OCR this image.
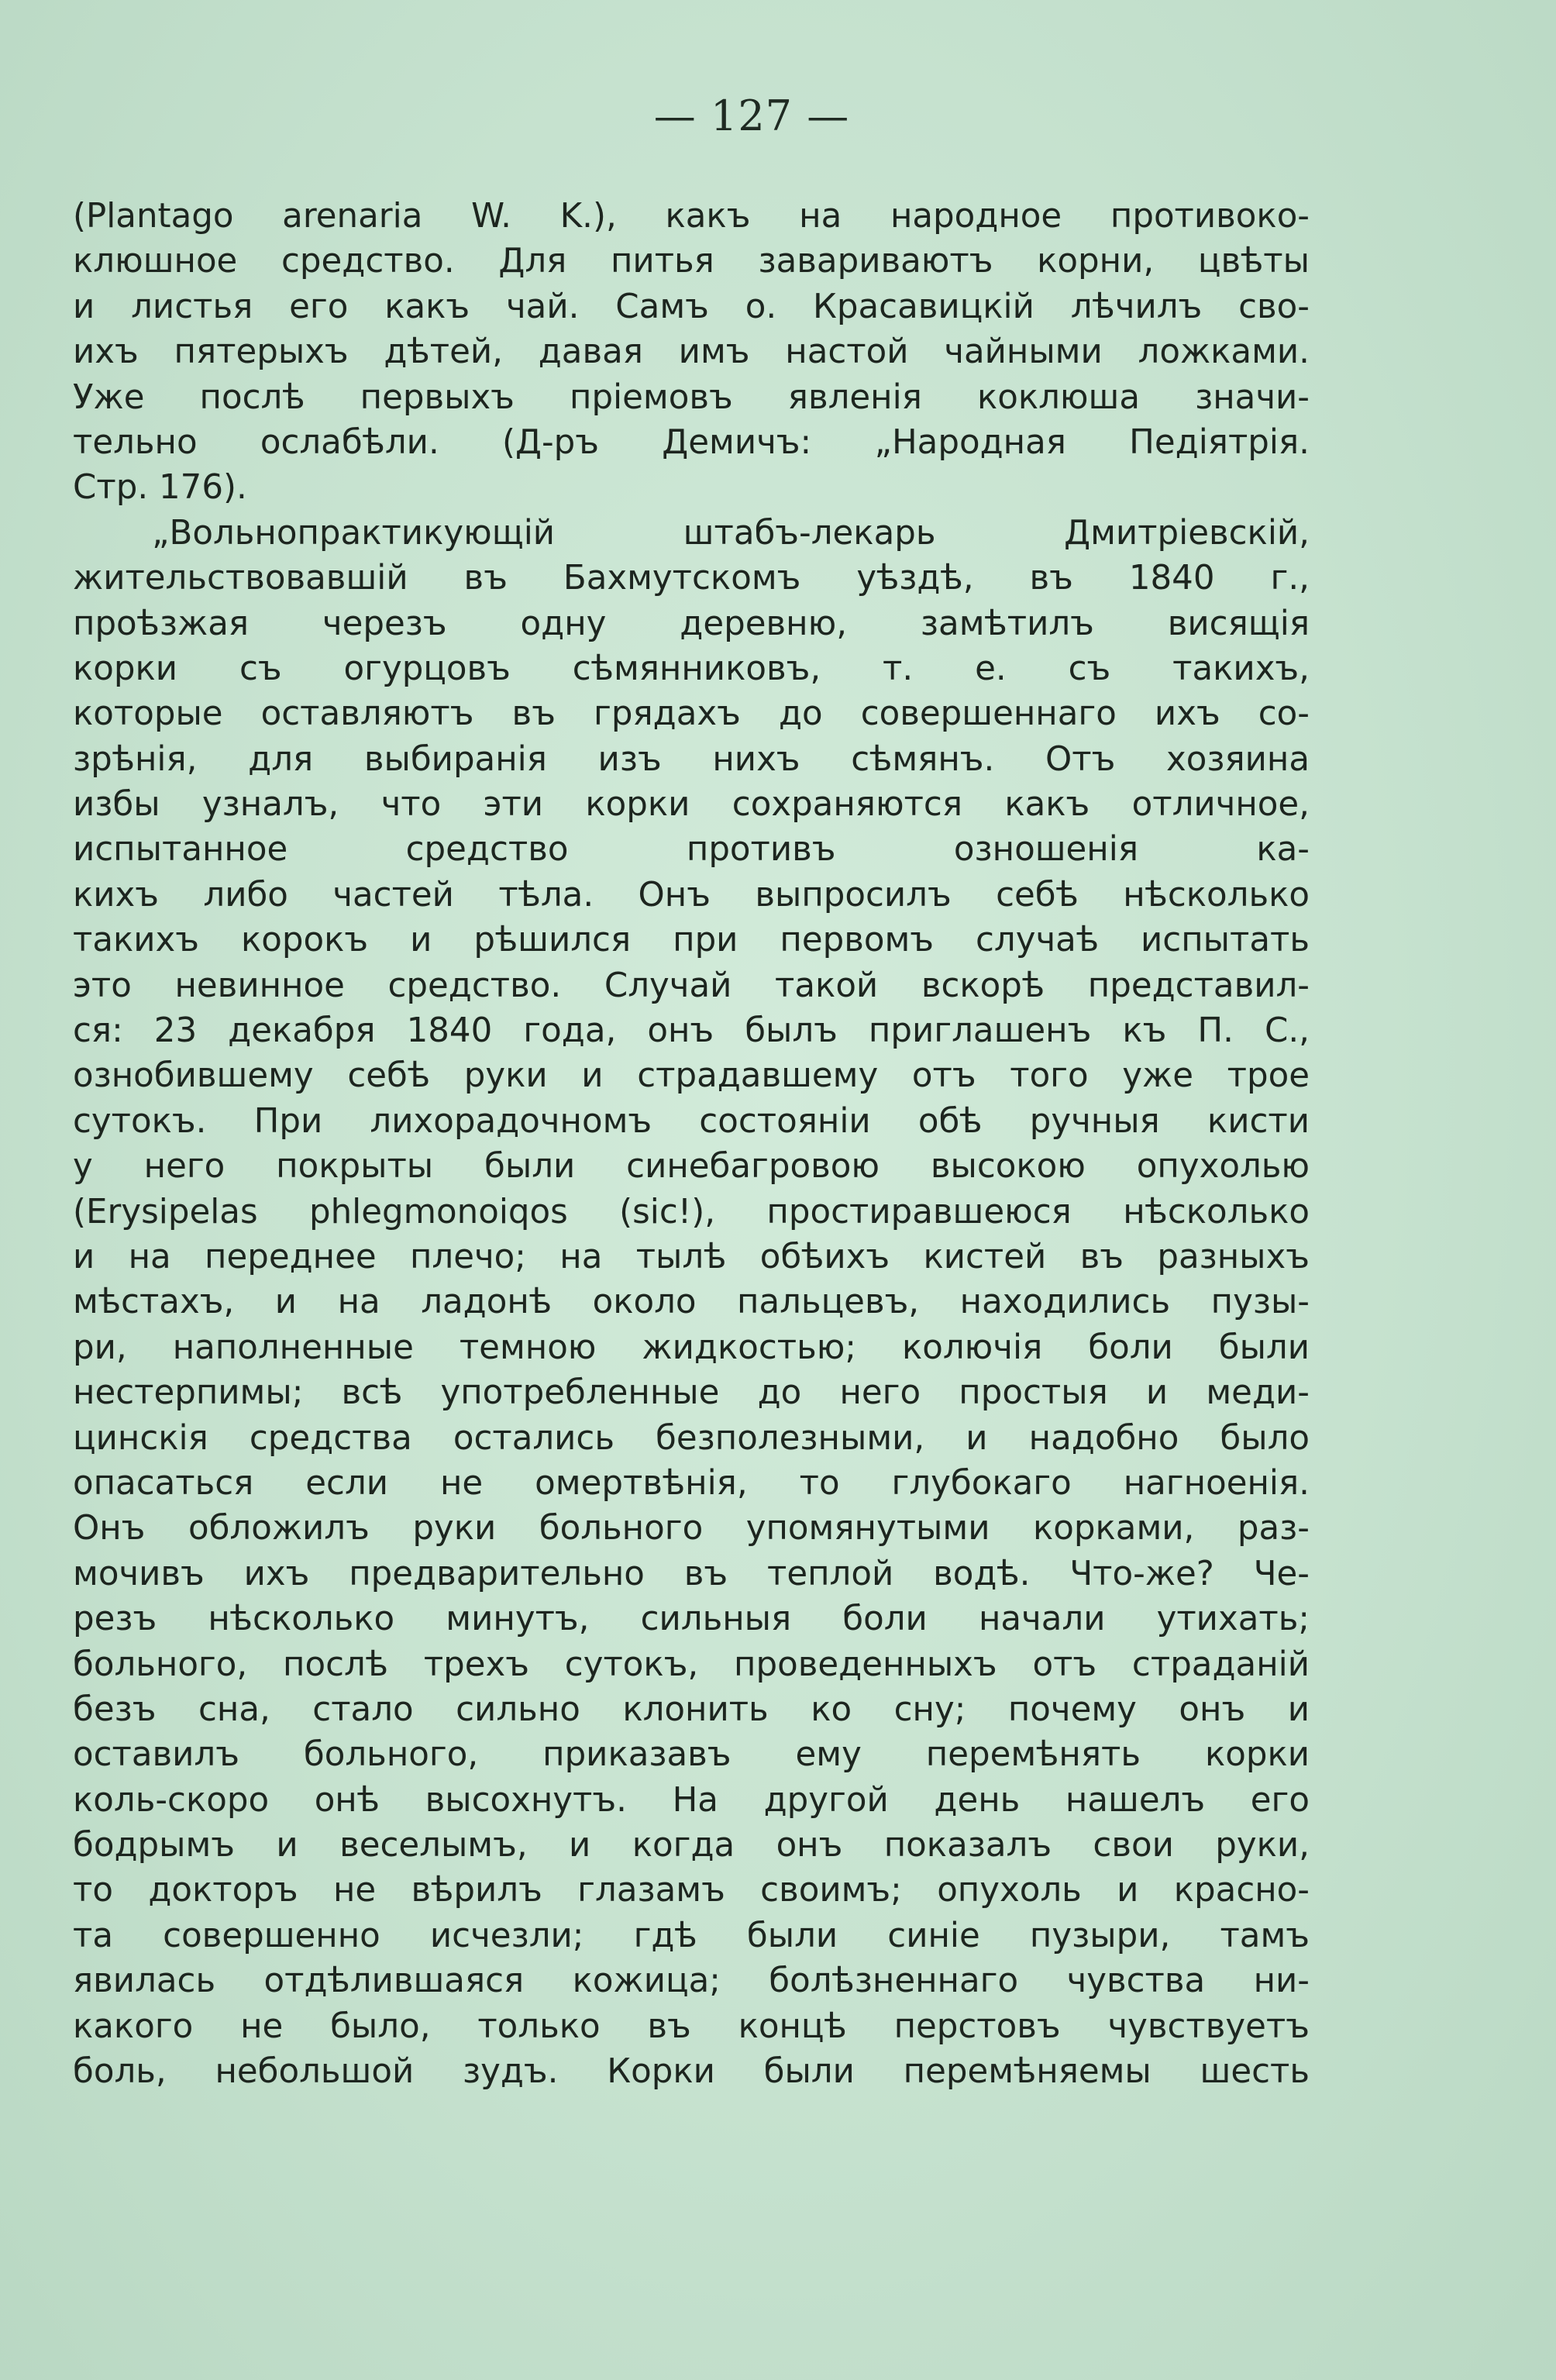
— 127 —
(Plantago arenaria W. K.), какъ на народное противоко-
клюшное средство. Для питья завариваютъ корни, цвѣты
и листья его какъ чай. Самъ о. Красавицкій лѣчилъ сво-
ихъ пятерыхъ дѣтей, давая имъ настой чайными ложками.
Уже послѣ первыхъ пріемовъ явленія коклюша значи-
тельно ослабѣли. (Д-ръ Демичъ: „Народная Педіятрія.
Стр. 176).
„Вольнопрактикующій штабъ-лекарь Дмитріевскій,
жительствовавшій въ Бахмутскомъ уѣздѣ, въ 1840 г.,
проѣзжая черезъ одну деревню, замѣтилъ висящія
корки съ огурцовъ сѣмянниковъ, т. е. съ такихъ,
которые оставляютъ въ грядахъ до совершеннаго ихъ со-
зрѣнія, для выбиранія изъ нихъ сѣмянъ. Отъ хозяина
избы узналъ, что эти корки сохраняются какъ отличное,
испытанное средство противъ озношенія ка-
кихъ либо частей тѣла. Онъ выпросилъ себѣ нѣсколько
такихъ корокъ и рѣшился при первомъ случаѣ испытать
это невинное средство. Случай такой вскорѣ представил-
ся: 23 декабря 1840 года, онъ былъ приглашенъ къ П. С.,
ознобившему себѣ руки и страдавшему отъ того уже трое
сутокъ. При лихорадочномъ состояніи обѣ ручныя кисти
у него покрыты были синебагровою высокою опухолью
(Erysipelas phlegmonoiqos (sic!), простиравшеюся нѣсколько
и на переднее плечо; на тылѣ обѣихъ кистей въ разныхъ
мѣстахъ, и на ладонѣ около пальцевъ, находились пузы-
ри, наполненные темною жидкостью; колючія боли были
нестерпимы; всѣ употребленные до него простыя и меди-
цинскія средства остались безполезными, и надобно было
опасаться если не омертвѣнія, то глубокаго нагноенія.
Онъ обложилъ руки больного упомянутыми корками, раз-
мочивъ ихъ предварительно въ теплой водѣ. Что-же? Че-
резъ нѣсколько минутъ, сильныя боли начали утихать;
больного, послѣ трехъ сутокъ, проведенныхъ отъ страданій
безъ сна, стало сильно клонить ко сну; почему онъ и
оставилъ больного, приказавъ ему перемѣнять корки
коль-скоро онѣ высохнутъ. На другой день нашелъ его
бодрымъ и веселымъ, и когда онъ показалъ свои руки,
то докторъ не вѣрилъ глазамъ своимъ; опухоль и красно-
та совершенно исчезли; гдѣ были синіе пузыри, тамъ
явилась отдѣлившаяся кожица; болѣзненнаго чувства ни-
какого не было, только въ концѣ перстовъ чувствуетъ
боль, небольшой зудъ. Корки были перемѣняемы шесть
